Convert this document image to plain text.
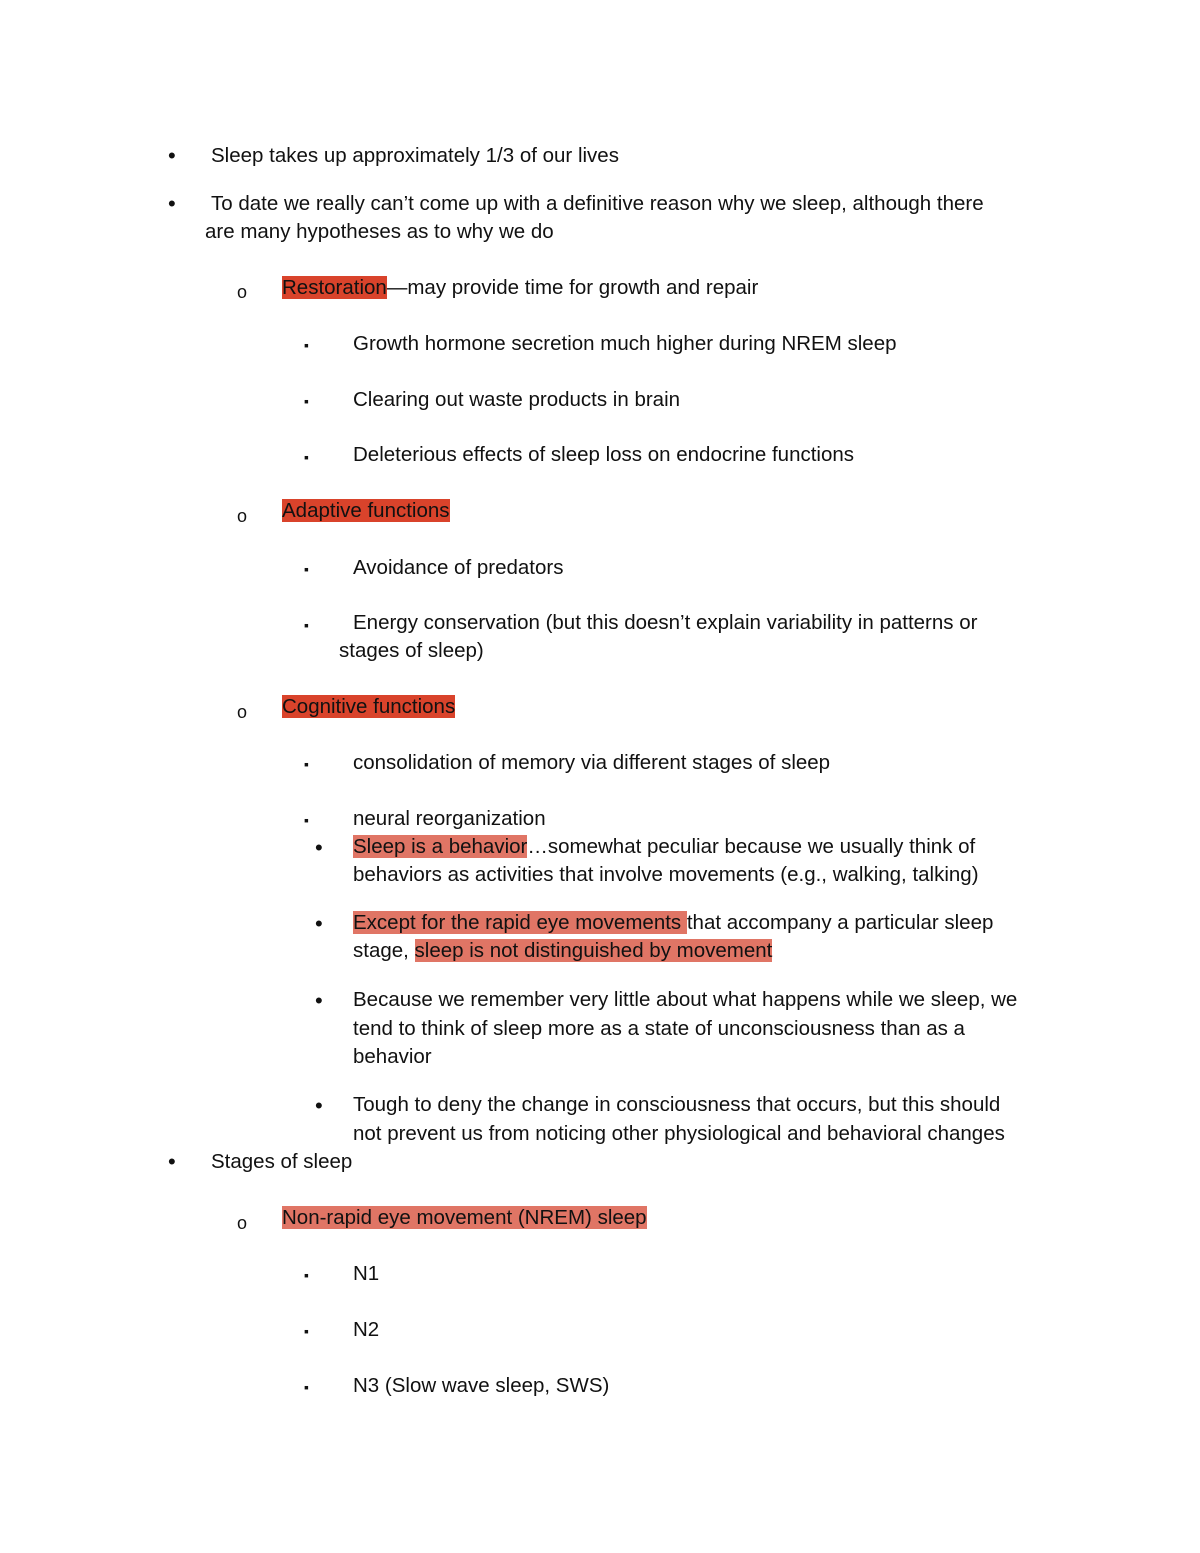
• Sleep takes up approximately 1/3 of our lives
• To date we really can’t come up with a definitive reason why we sleep, although there
are many hypotheses as to why we do
o Restoration—may provide time for growth and repair
▪ Growth hormone secretion much higher during NREM sleep
▪ Clearing out waste products in brain
▪ Deleterious effects of sleep loss on endocrine functions
o Adaptive functions
▪ Avoidance of predators
▪ Energy conservation (but this doesn’t explain variability in patterns or
stages of sleep)
o Cognitive functions
▪ consolidation of memory via different stages of sleep
▪ neural reorganization
• Sleep is a behavior…somewhat peculiar because we usually think of
behaviors as activities that involve movements (e.g., walking, talking)
• Except for the rapid eye movements that accompany a particular sleep
stage, sleep is not distinguished by movement
• Because we remember very little about what happens while we sleep, we
tend to think of sleep more as a state of unconsciousness than as a
behavior
• Tough to deny the change in consciousness that occurs, but this should
not prevent us from noticing other physiological and behavioral changes
• Stages of sleep
o Non-rapid eye movement (NREM) sleep
▪ N1
▪ N2
▪ N3 (Slow wave sleep, SWS)
